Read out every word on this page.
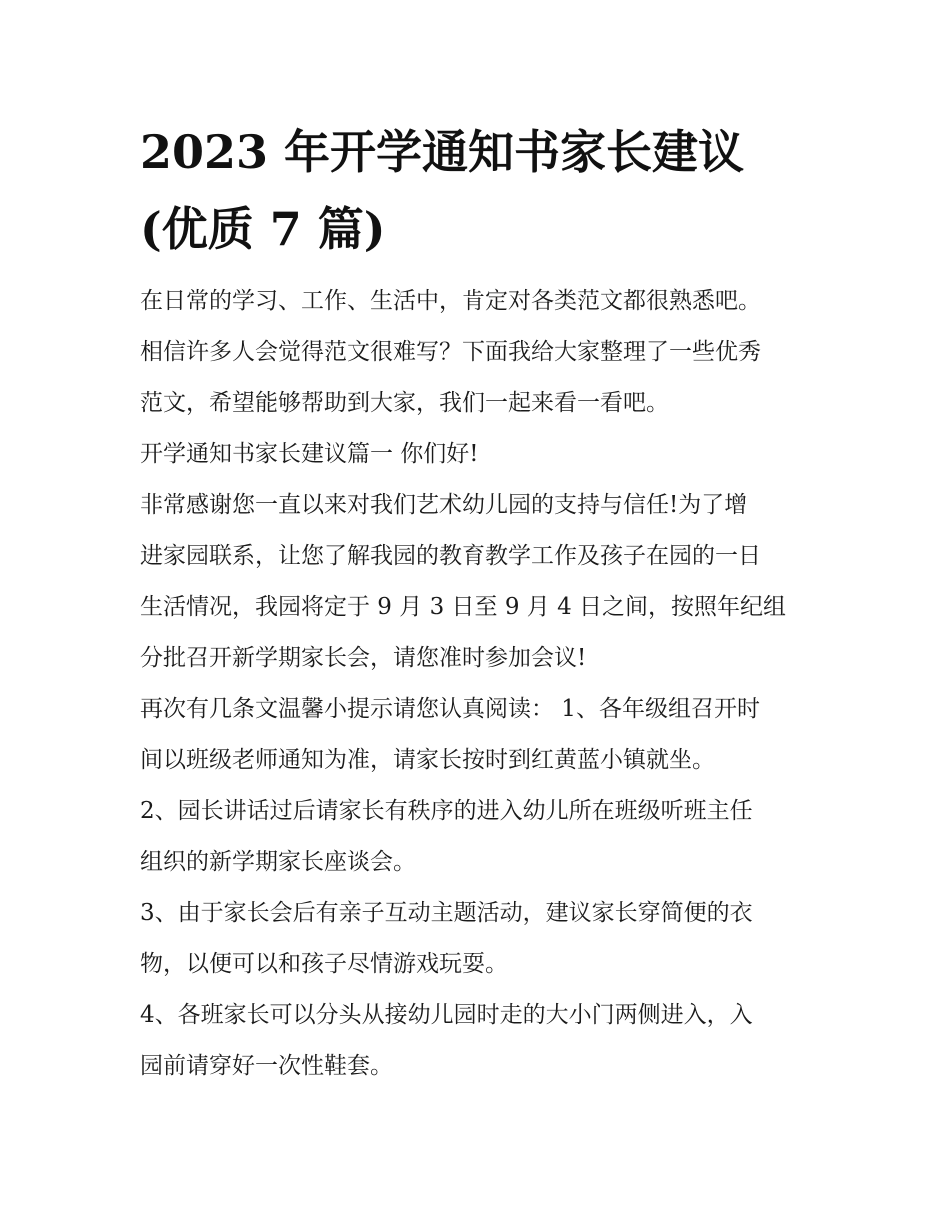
2023 年开学通知书家长建议
(优质 7 篇)

在日常的学习、工作、生活中，肯定对各类范文都很熟悉吧。

相信许多人会觉得范文很难写？下面我给大家整理了一些优秀

范文，希望能够帮助到大家，我们一起来看一看吧。

开学通知书家长建议篇一 你们好!

非常感谢您一直以来对我们艺术幼儿园的支持与信任!为了增

进家园联系，让您了解我园的教育教学工作及孩子在园的一日

生活情况，我园将定于 9 月 3 日至 9 月 4 日之间，按照年纪组

分批召开新学期家长会，请您准时参加会议!

再次有几条文温馨小提示请您认真阅读： 1、各年级组召开时

间以班级老师通知为准，请家长按时到红黄蓝小镇就坐。

2、园长讲话过后请家长有秩序的进入幼儿所在班级听班主任

组织的新学期家长座谈会。

3、由于家长会后有亲子互动主题活动，建议家长穿简便的衣

物，以便可以和孩子尽情游戏玩耍。

4、各班家长可以分头从接幼儿园时走的大小门两侧进入，入

园前请穿好一次性鞋套。
